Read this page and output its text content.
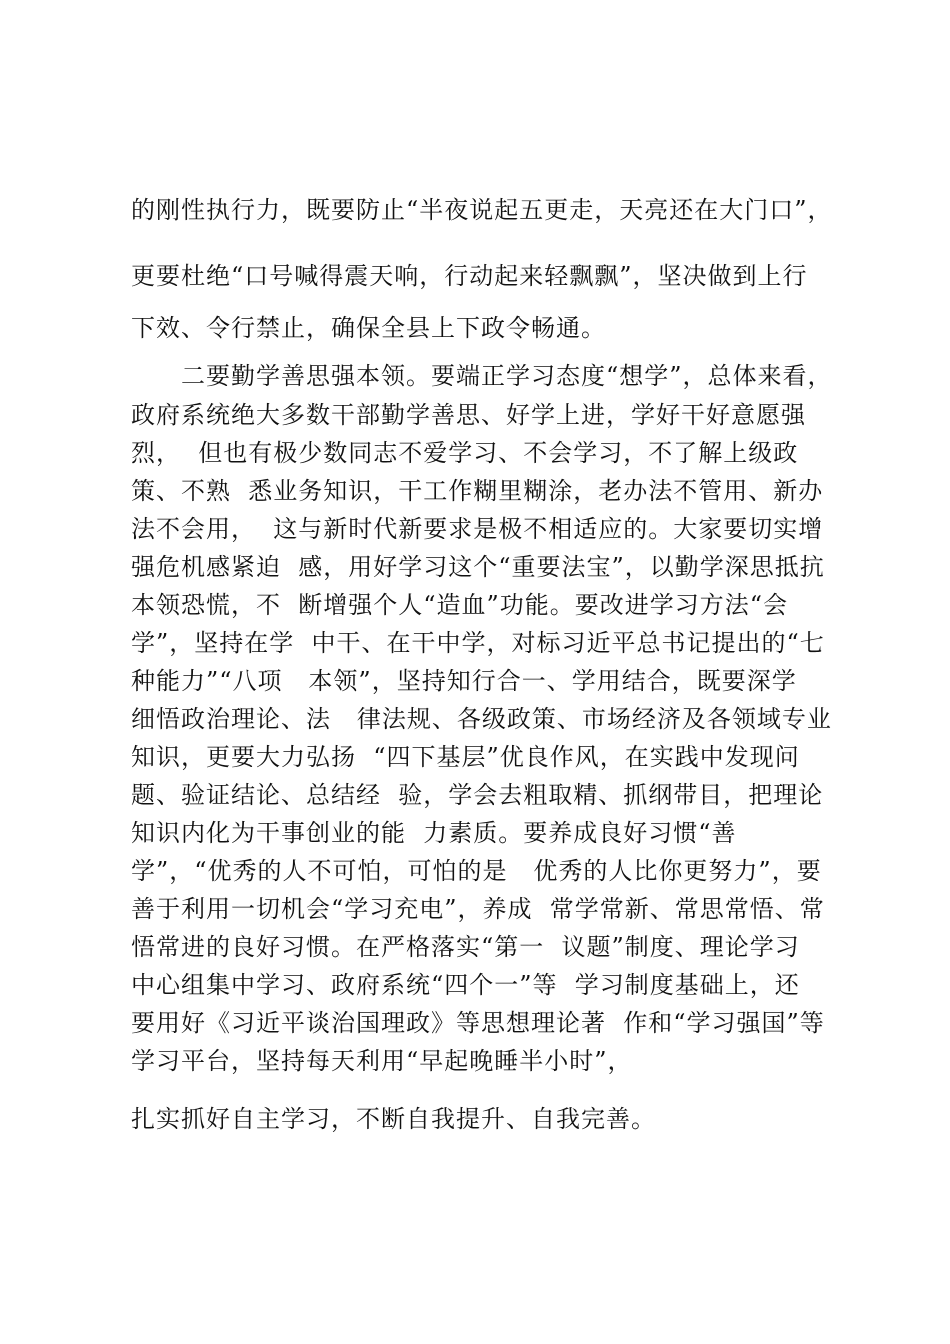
的刚性执行力，既要防止“半夜说起五更走，天亮还在大门口”，
更要杜绝“口号喊得震天响，行动起来轻飘飘”，坚决做到上行
下效、令行禁止，确保全县上下政令畅通。
　　二要勤学善思强本领。要端正学习态度“想学”，总体来看，
政府系统绝大多数干部勤学善思、好学上进，学好干好意愿强
烈，  但也有极少数同志不爱学习、不会学习，不了解上级政
策、不熟  悉业务知识，干工作糊里糊涂，老办法不管用、新办
法不会用，  这与新时代新要求是极不相适应的。大家要切实增
强危机感紧迫  感，用好学习这个“重要法宝”，以勤学深思抵抗
本领恐慌，不  断增强个人“造血”功能。要改进学习方法“会
学”，坚持在学  中干、在干中学，对标习近平总书记提出的“七
种能力”“八项   本领”，坚持知行合一、学用结合，既要深学
细悟政治理论、法   律法规、各级政策、市场经济及各领域专业
知识，更要大力弘扬  “四下基层”优良作风，在实践中发现问
题、验证结论、总结经  验，学会去粗取精、抓纲带目，把理论
知识内化为干事创业的能  力素质。要养成良好习惯“善
学”，“优秀的人不可怕，可怕的是   优秀的人比你更努力”，要
善于利用一切机会“学习充电”，养成  常学常新、常思常悟、常
悟常进的良好习惯。在严格落实“第一  议题”制度、理论学习
中心组集中学习、政府系统“四个一”等  学习制度基础上，还
要用好《习近平谈治国理政》等思想理论著  作和“学习强国”等
学习平台，坚持每天利用“早起晚睡半小时”，
扎实抓好自主学习，不断自我提升、自我完善。
